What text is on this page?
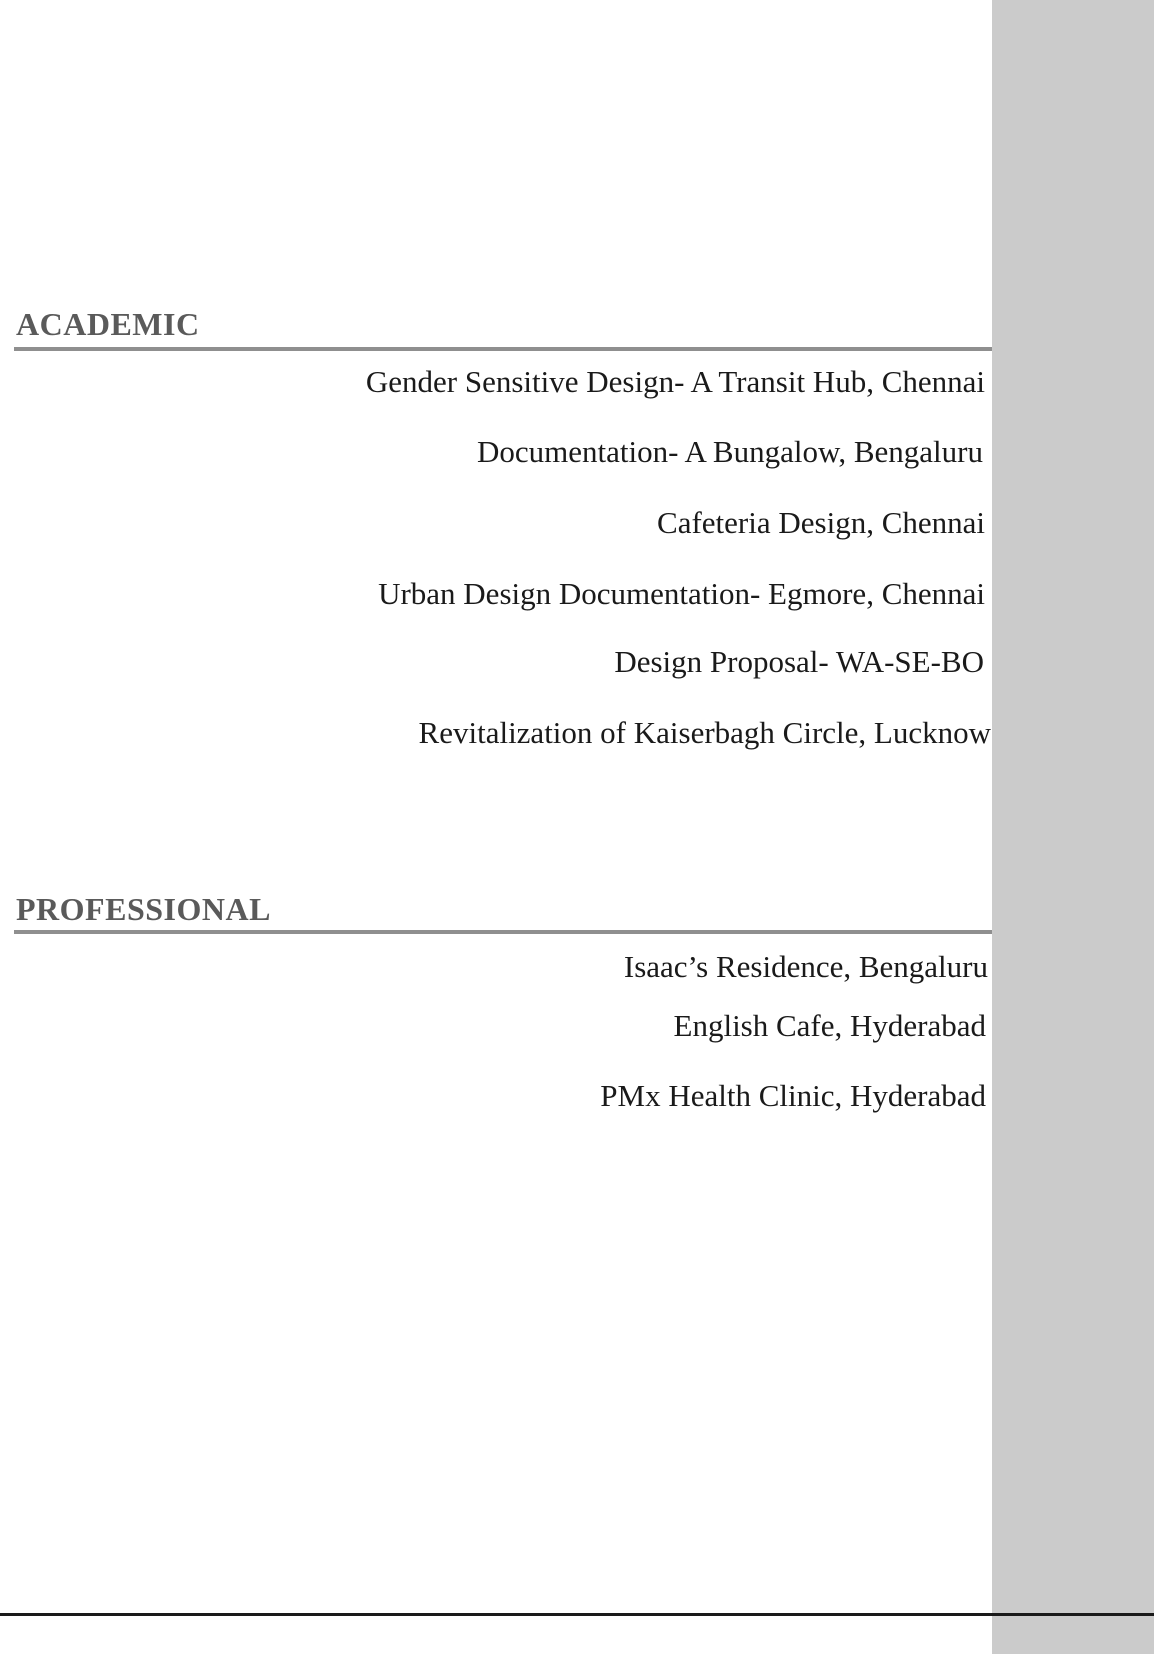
ACADEMIC
Gender Sensitive Design- A Transit Hub, Chennai
Documentation- A Bungalow, Bengaluru
Cafeteria Design, Chennai
Urban Design Documentation- Egmore, Chennai
Design Proposal- WA-SE-BO
Revitalization of Kaiserbagh Circle, Lucknow
PROFESSIONAL
Isaac’s Residence, Bengaluru
English Cafe, Hyderabad
PMx Health Clinic, Hyderabad
